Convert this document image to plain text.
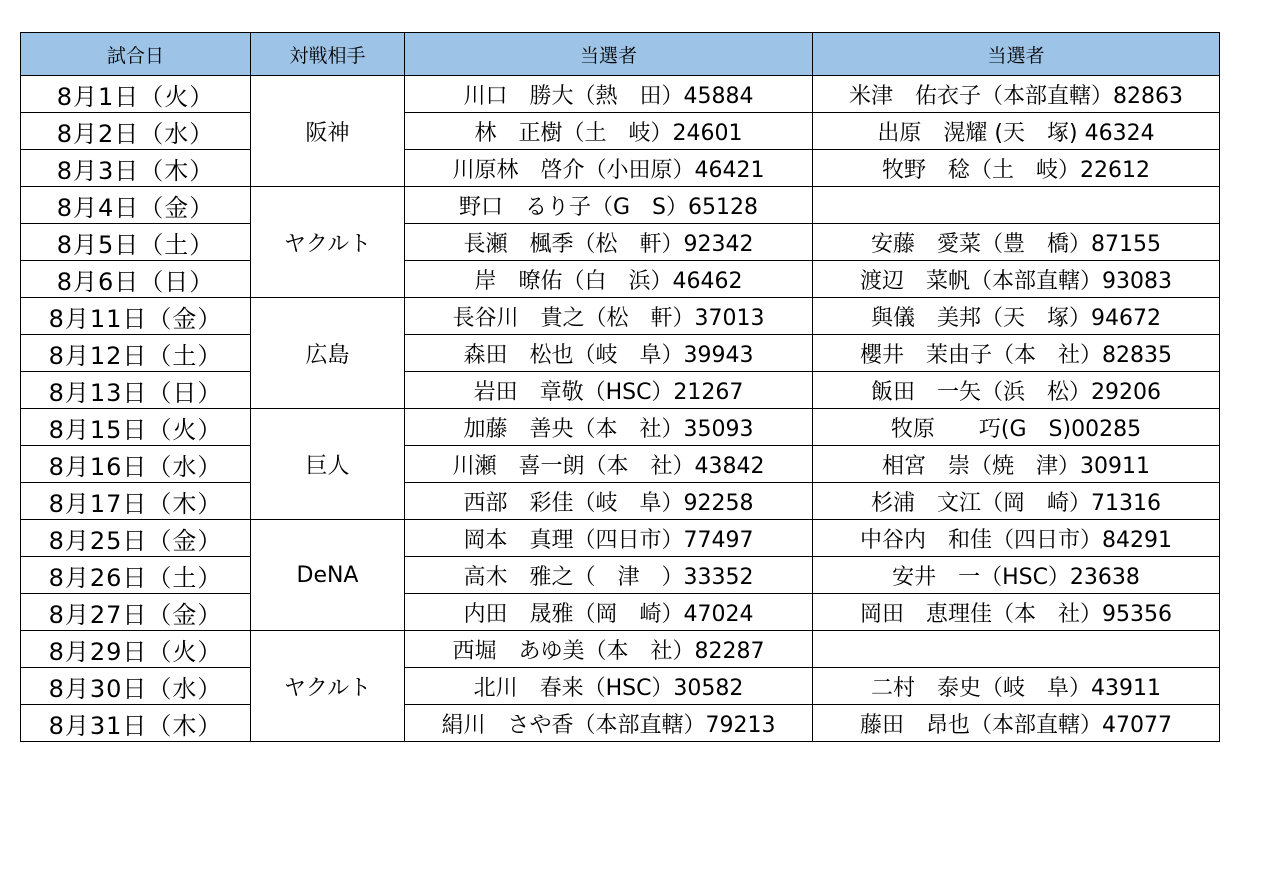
試合日	対戦相手	当選者	当選者
8月1日（火）	阪神	川口　勝大（熱　田）45884	米津　佑衣子（本部直轄）82863
8月2日（水）		林　正樹（土　岐）24601	出原　滉耀 (天　塚) 46324
8月3日（木）		川原林　啓介（小田原）46421	牧野　稔（土　岐）22612
8月4日（金）	ヤクルト	野口　るり子（G　S）65128	
8月5日（土）		長瀬　楓季（松　軒）92342	安藤　愛菜（豊　橋）87155
8月6日（日）		岸　暸佑（白　浜）46462	渡辺　菜帆（本部直轄）93083
8月11日（金）	広島	長谷川　貴之（松　軒）37013	與儀　美邦（天　塚）94672
8月12日（土）		森田　松也（岐　阜）39943	櫻井　茉由子（本　社）82835
8月13日（日）		岩田　章敬（HSC）21267	飯田　一矢（浜　松）29206
8月15日（火）	巨人	加藤　善央（本　社）35093	牧原　　巧(G　S)00285
8月16日（水）		川瀬　喜一朗（本　社）43842	相宮　崇（焼　津）30911
8月17日（木）		西部　彩佳（岐　阜）92258	杉浦　文江（岡　崎）71316
8月25日（金）	DeNA	岡本　真理（四日市）77497	中谷内　和佳（四日市）84291
8月26日（土）		高木　雅之（　津　）33352	安井　一（HSC）23638
8月27日（金）		内田　晟雅（岡　崎）47024	岡田　恵理佳（本　社）95356
8月29日（火）	ヤクルト	西堀　あゆ美（本　社）82287	
8月30日（水）		北川　春来（HSC）30582	二村　泰史（岐　阜）43911
8月31日（木）		絹川　さや香（本部直轄）79213	藤田　昂也（本部直轄）47077
